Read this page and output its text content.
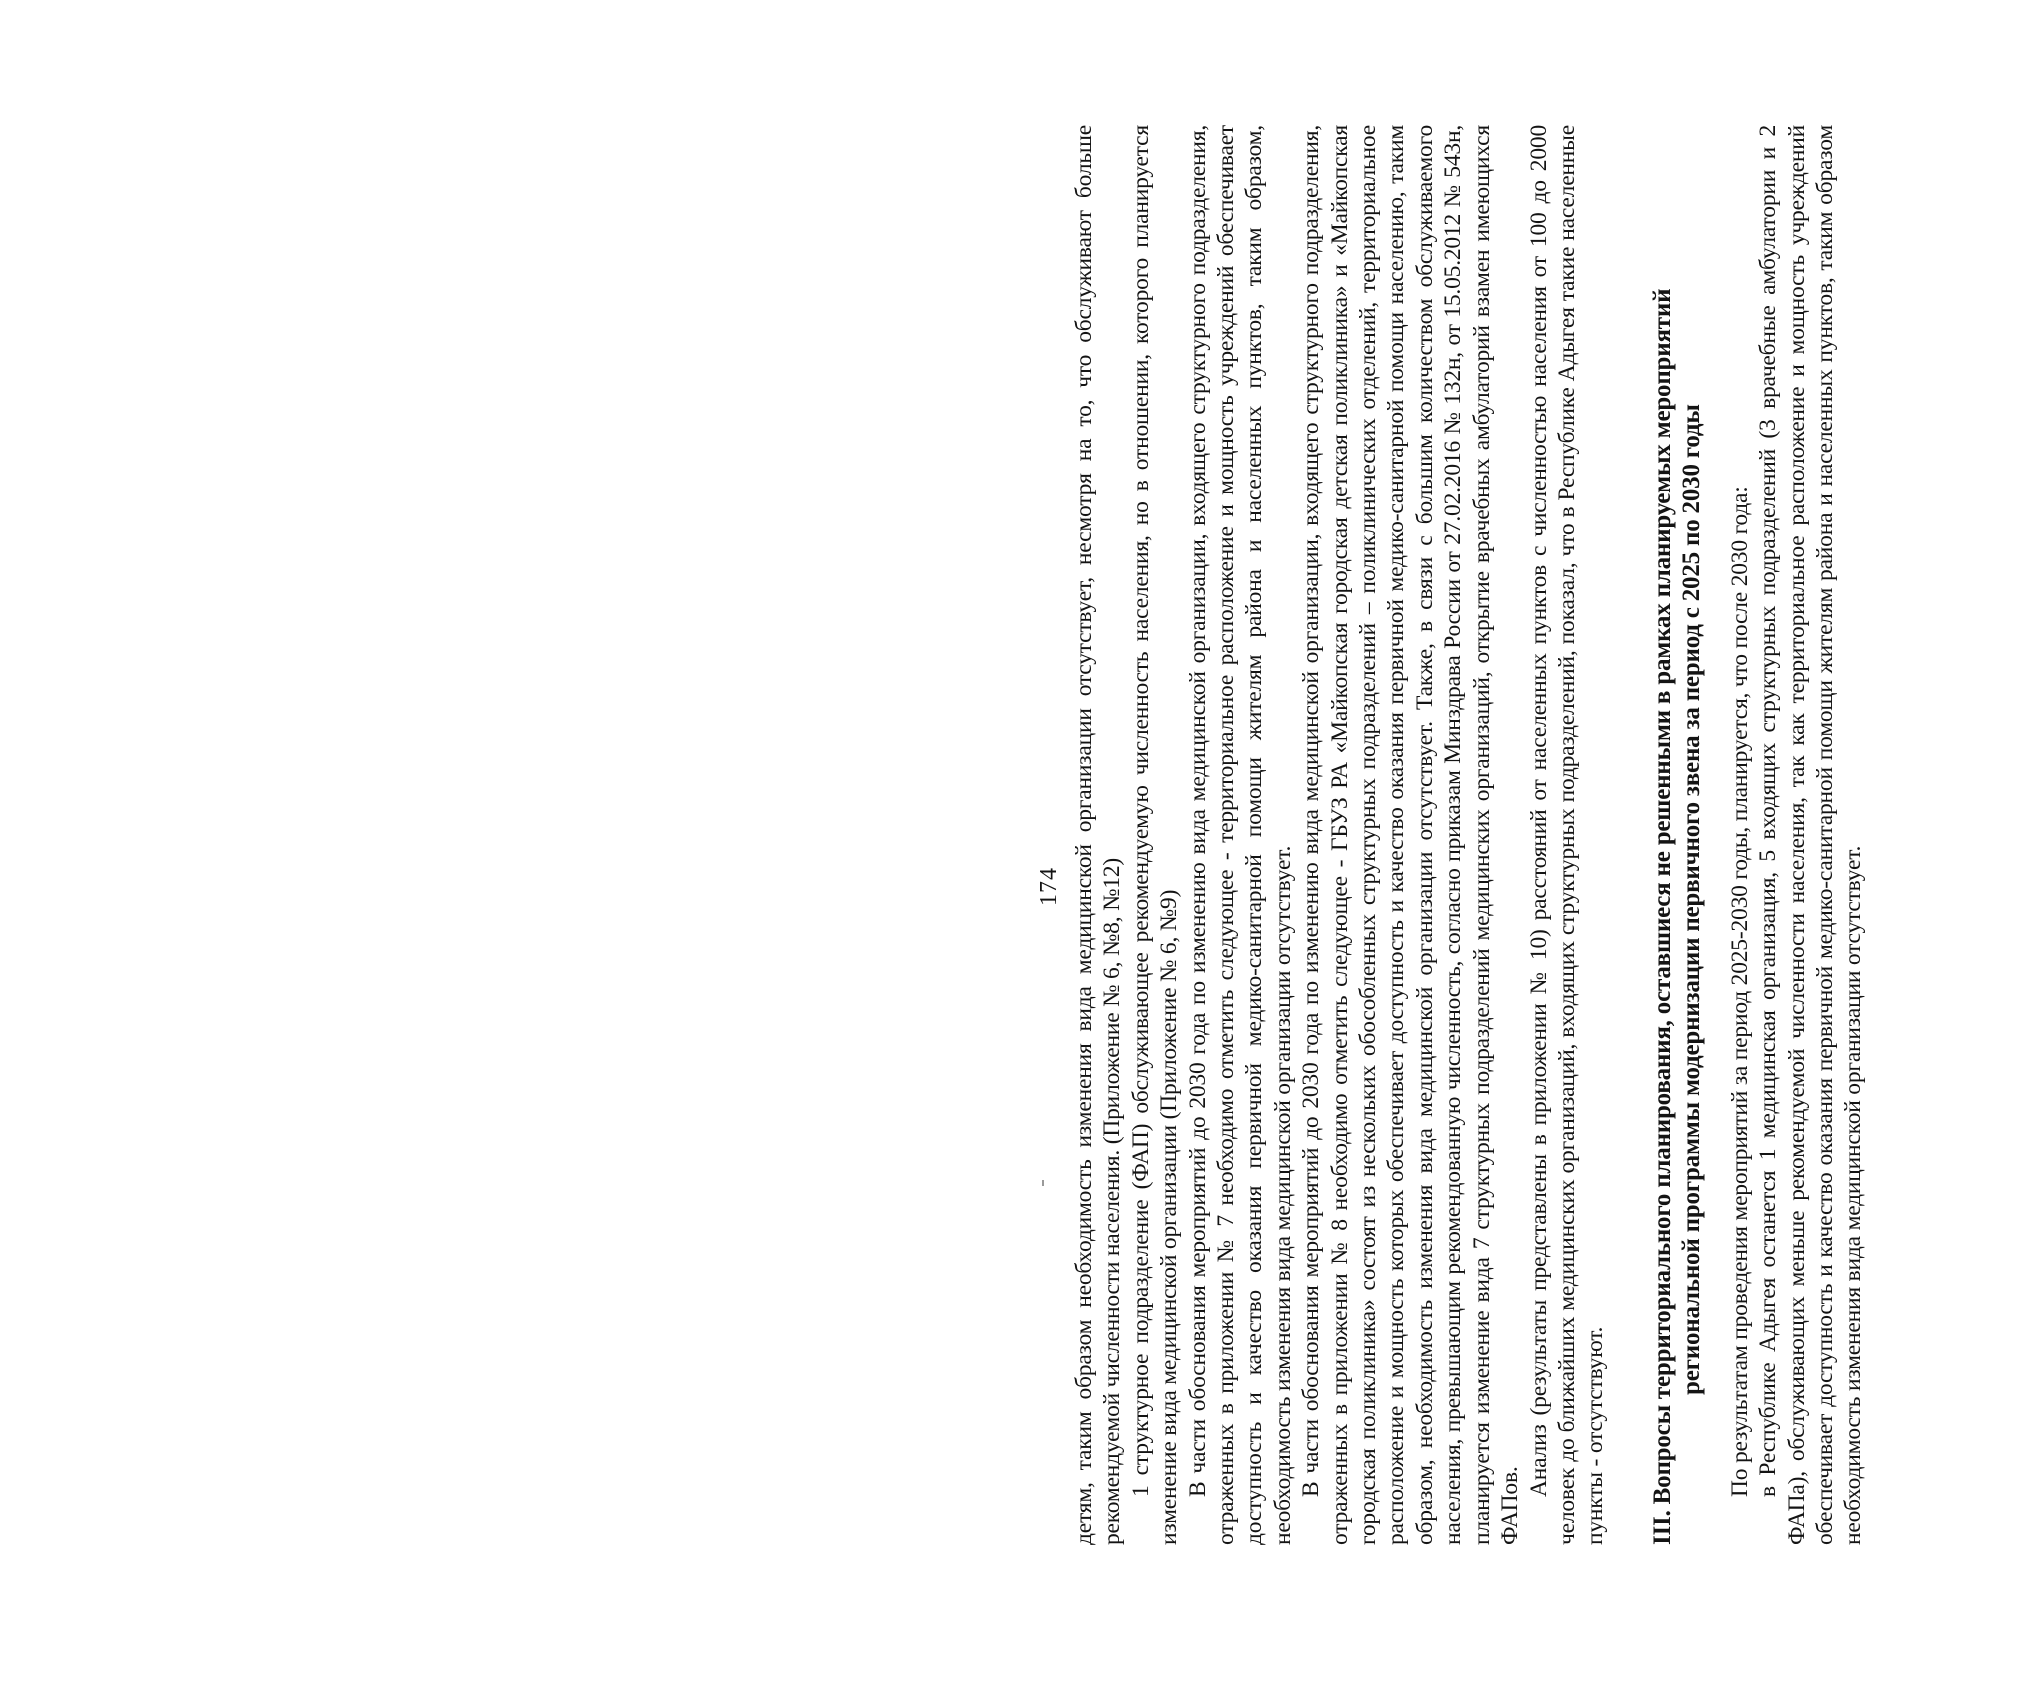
детям, таким образом необходимость изменения вида медицинской организации отсутствует, несмотря на то, что обслуживают больше рекомендуемой численности населения. (Приложение № 6, №8, №12) 1 структурное подразделение (ФАП) обслуживающее рекомендуемую численность населения, но в отношении, которого планируется изменение вида медицинской организации (Приложение № 6, №9) В части обоснования мероприятий до 2030 года по изменению вида медицинской организации, входящего структурного подразделения, отраженных в приложении № 7 необходимо отметить следующее - территориальное расположение и мощность учреждений обеспечивает доступность и качество оказания первичной медико-санитарной помощи жителям района и населенных пунктов, таким образом, необходимость изменения вида медицинской организации отсутствует. В части обоснования мероприятий до 2030 года по изменению вида медицинской организации, входящего структурного подразделения, отраженных в приложении № 8 необходимо отметить следующее - ГБУЗ РА «Майкопская городская детская поликлиника» и «Майкопская городская поликлиника» состоят из нескольких обособленных структурных подразделений – поликлинических отделений, территориальное расположение и мощность которых обеспечивает доступность и качество оказания первичной медико-санитарной помощи населению, таким образом, необходимость изменения вида медицинской организации отсутствует. Также, в связи с большим количеством обслуживаемого населения, превышающим рекомендованную численность, согласно приказам Минздрава России от 27.02.2016 № 132н, от 15.05.2012 № 543н, планируется изменение вида 7 структурных подразделений медицинских организаций, открытие врачебных амбулаторий взамен имеющихся ФАПов.

Анализ (результаты представлены в приложении № 10) расстояний от населенных пунктов с численностью населения от 100 до 2000 человек до ближайших медицинских организаций, входящих структурных подразделений, показал, что в Республике Адыгея такие населенные пункты - отсутствуют. III. Вопросы территориального планирования, оставшиеся не решенными в рамках планируемых мероприятий региональной программы модернизации первичного звена за период с 2025 по 2030 годы По результатам проведения мероприятий за период 2025-2030 годы, планируется, что после 2030 года: в Республике Адыгея останется 1 медицинская организация, 5 входящих структурных подразделений (3 врачебные амбулатории и 2 ФАПа), обслуживающих меньше рекомендуемой численности населения, так как территориальное расположение и мощность учреждений обеспечивает доступность и качество оказания первичной медико-санитарной помощи жителям района и населенных пунктов, таким образом необходимость изменения вида медицинской организации отсутствует.

174
